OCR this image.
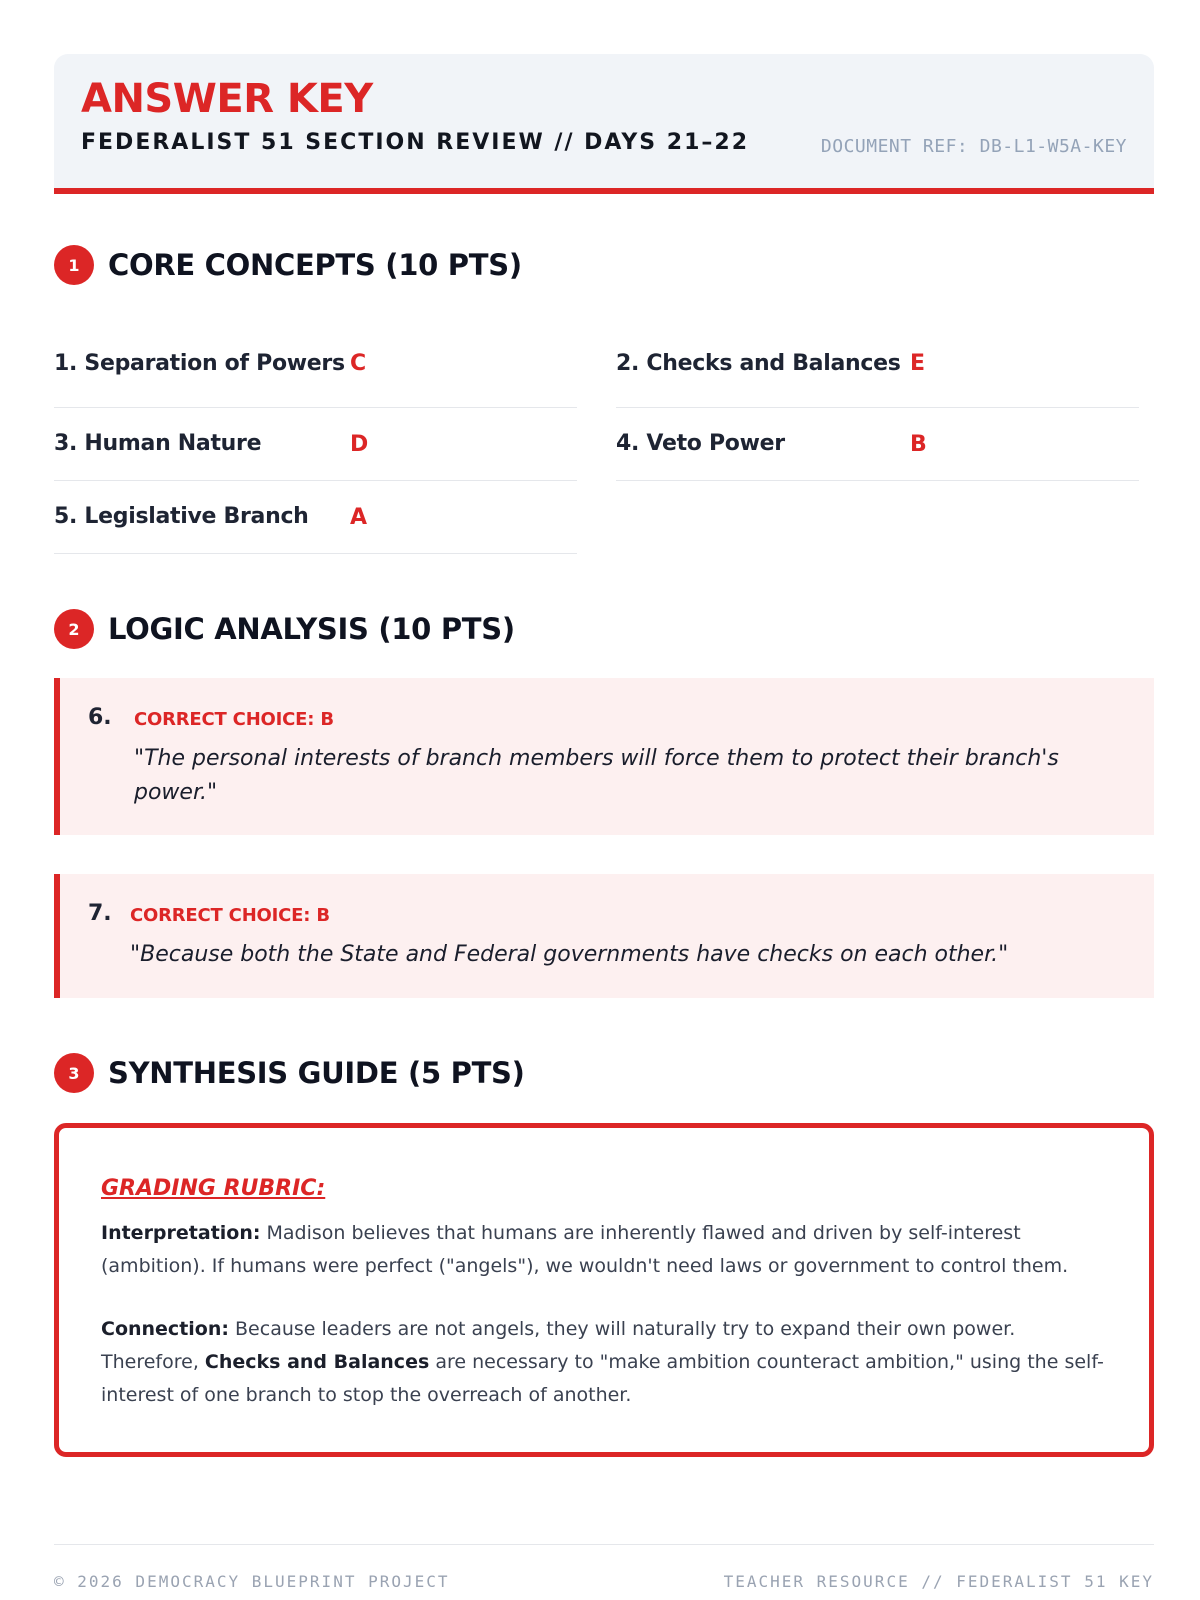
ANSWER KEY
FEDERALIST 51 SECTION REVIEW // DAYS 21–22	DOCUMENT REF: DB-L1-W5A-KEY
1 CORE CONCEPTS (10 PTS)
1. Separation of Powers C	2. Checks and Balances E
3. Human Nature	D	4. Veto Power	B
5. Legislative Branch	A
2 LOGIC ANALYSIS (10 PTS)
6. CORRECT CHOICE: B
"The personal interests of branch members will force them to protect their branch's power."
7. CORRECT CHOICE: B
"Because both the State and Federal governments have checks on each other."
3 SYNTHESIS GUIDE (5 PTS)
GRADING RUBRIC:
Interpretation: Madison believes that humans are inherently flawed and driven by self-interest (ambition). If humans were perfect ("angels"), we wouldn't need laws or government to control them.
Connection: Because leaders are not angels, they will naturally try to expand their own power. Therefore, Checks and Balances are necessary to "make ambition counteract ambition," using the self-interest of one branch to stop the overreach of another.
© 2026 DEMOCRACY BLUEPRINT PROJECT	TEACHER RESOURCE // FEDERALIST 51 KEY
